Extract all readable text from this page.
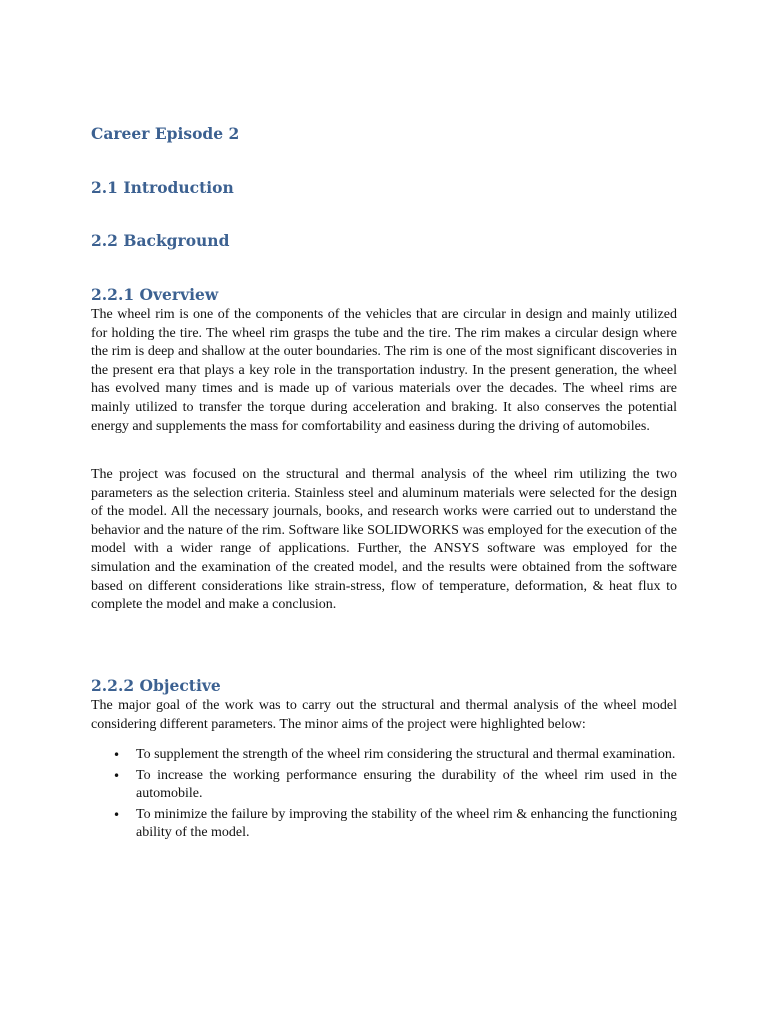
Career Episode 2
2.1 Introduction
2.2 Background
2.2.1 Overview

The wheel rim is one of the components of the vehicles that are circular in design and mainly utilized for holding the tire. The wheel rim grasps the tube and the tire. The rim makes a circular design where the rim is deep and shallow at the outer boundaries. The rim is one of the most significant discoveries in the present era that plays a key role in the transportation industry. In the present generation, the wheel has evolved many times and is made up of various materials over the decades. The wheel rims are mainly utilized to transfer the torque during acceleration and braking. It also conserves the potential energy and supplements the mass for comfortability and easiness during the driving of automobiles.

The project was focused on the structural and thermal analysis of the wheel rim utilizing the two parameters as the selection criteria. Stainless steel and aluminum materials were selected for the design of the model. All the necessary journals, books, and research works were carried out to understand the behavior and the nature of the rim. Software like SOLIDWORKS was employed for the execution of the model with a wider range of applications. Further, the ANSYS software was employed for the simulation and the examination of the created model, and the results were obtained from the software based on different considerations like strain-stress, flow of temperature, deformation, & heat flux to complete the model and make a conclusion.

2.2.2 Objective

The major goal of the work was to carry out the structural and thermal analysis of the wheel model considering different parameters. The minor aims of the project were highlighted below:

• To supplement the strength of the wheel rim considering the structural and thermal examination.
• To increase the working performance ensuring the durability of the wheel rim used in the automobile.
• To minimize the failure by improving the stability of the wheel rim & enhancing the functioning ability of the model.
